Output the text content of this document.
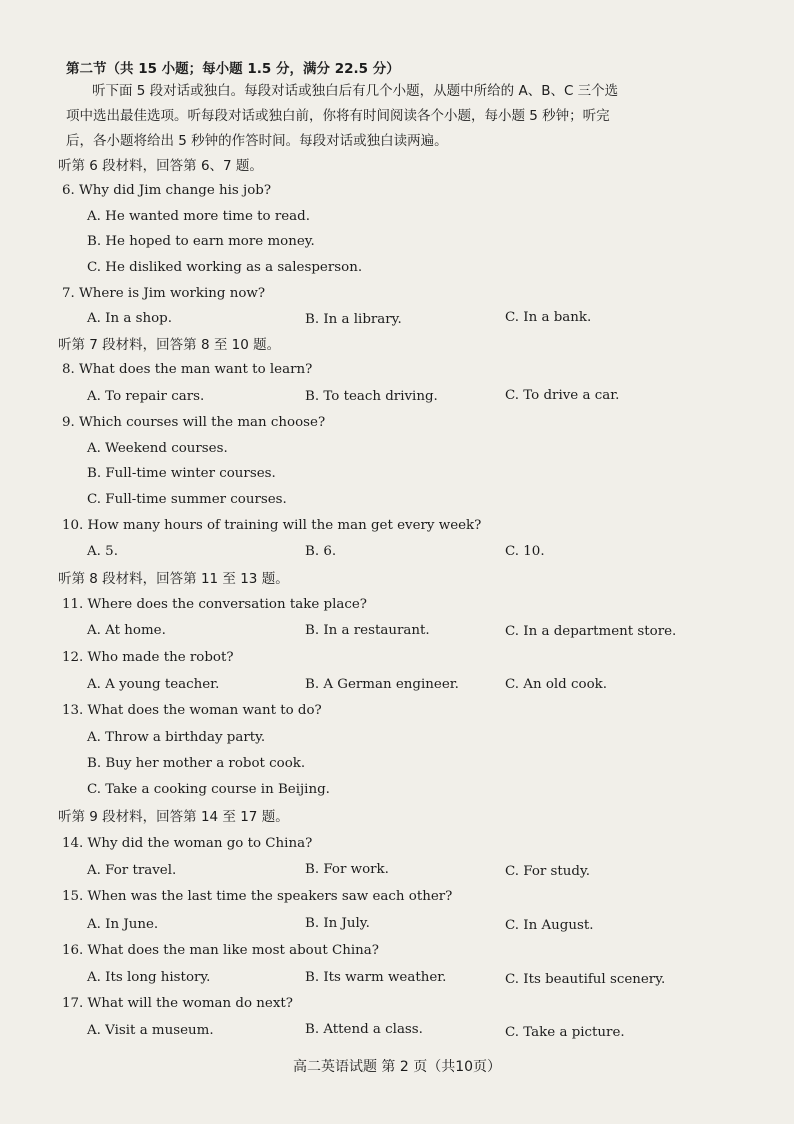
第二节（共 15 小题；每小题 1.5 分，满分 22.5 分）
听下面 5 段对话或独白。每段对话或独白后有几个小题，从题中所给的 A、B、C 三个选
项中选出最佳选项。听每段对话或独白前，你将有时间阅读各个小题，每小题 5 秒钟；听完
后，各小题将给出 5 秒钟的作答时间。每段对话或独白读两遍。
听第 6 段材料，回答第 6、7 题。
6. Why did Jim change his job?
A. He wanted more time to read.
B. He hoped to earn more money.
C. He disliked working as a salesperson.
7. Where is Jim working now?
A. In a shop.	B. In a library.	C. In a bank.
听第 7 段材料，回答第 8 至 10 题。
8. What does the man want to learn?
A. To repair cars.	B. To teach driving.	C. To drive a car.
9. Which courses will the man choose?
A. Weekend courses.
B. Full-time winter courses.
C. Full-time summer courses.
10. How many hours of training will the man get every week?
A. 5.	B. 6.	C. 10.
听第 8 段材料，回答第 11 至 13 题。
11. Where does the conversation take place?
A. At home.	B. In a restaurant.	C. In a department store.
12. Who made the robot?
A. A young teacher.	B. A German engineer.	C. An old cook.
13. What does the woman want to do?
A. Throw a birthday party.
B. Buy her mother a robot cook.
C. Take a cooking course in Beijing.
听第 9 段材料，回答第 14 至 17 题。
14. Why did the woman go to China?
A. For travel.	B. For work.	C. For study.
15. When was the last time the speakers saw each other?
A. In June.	B. In July.	C. In August.
16. What does the man like most about China?
A. Its long history.	B. Its warm weather.	C. Its beautiful scenery.
17. What will the woman do next?
A. Visit a museum.	B. Attend a class.	C. Take a picture.
高二英语试题 第 2 页（共10页）
